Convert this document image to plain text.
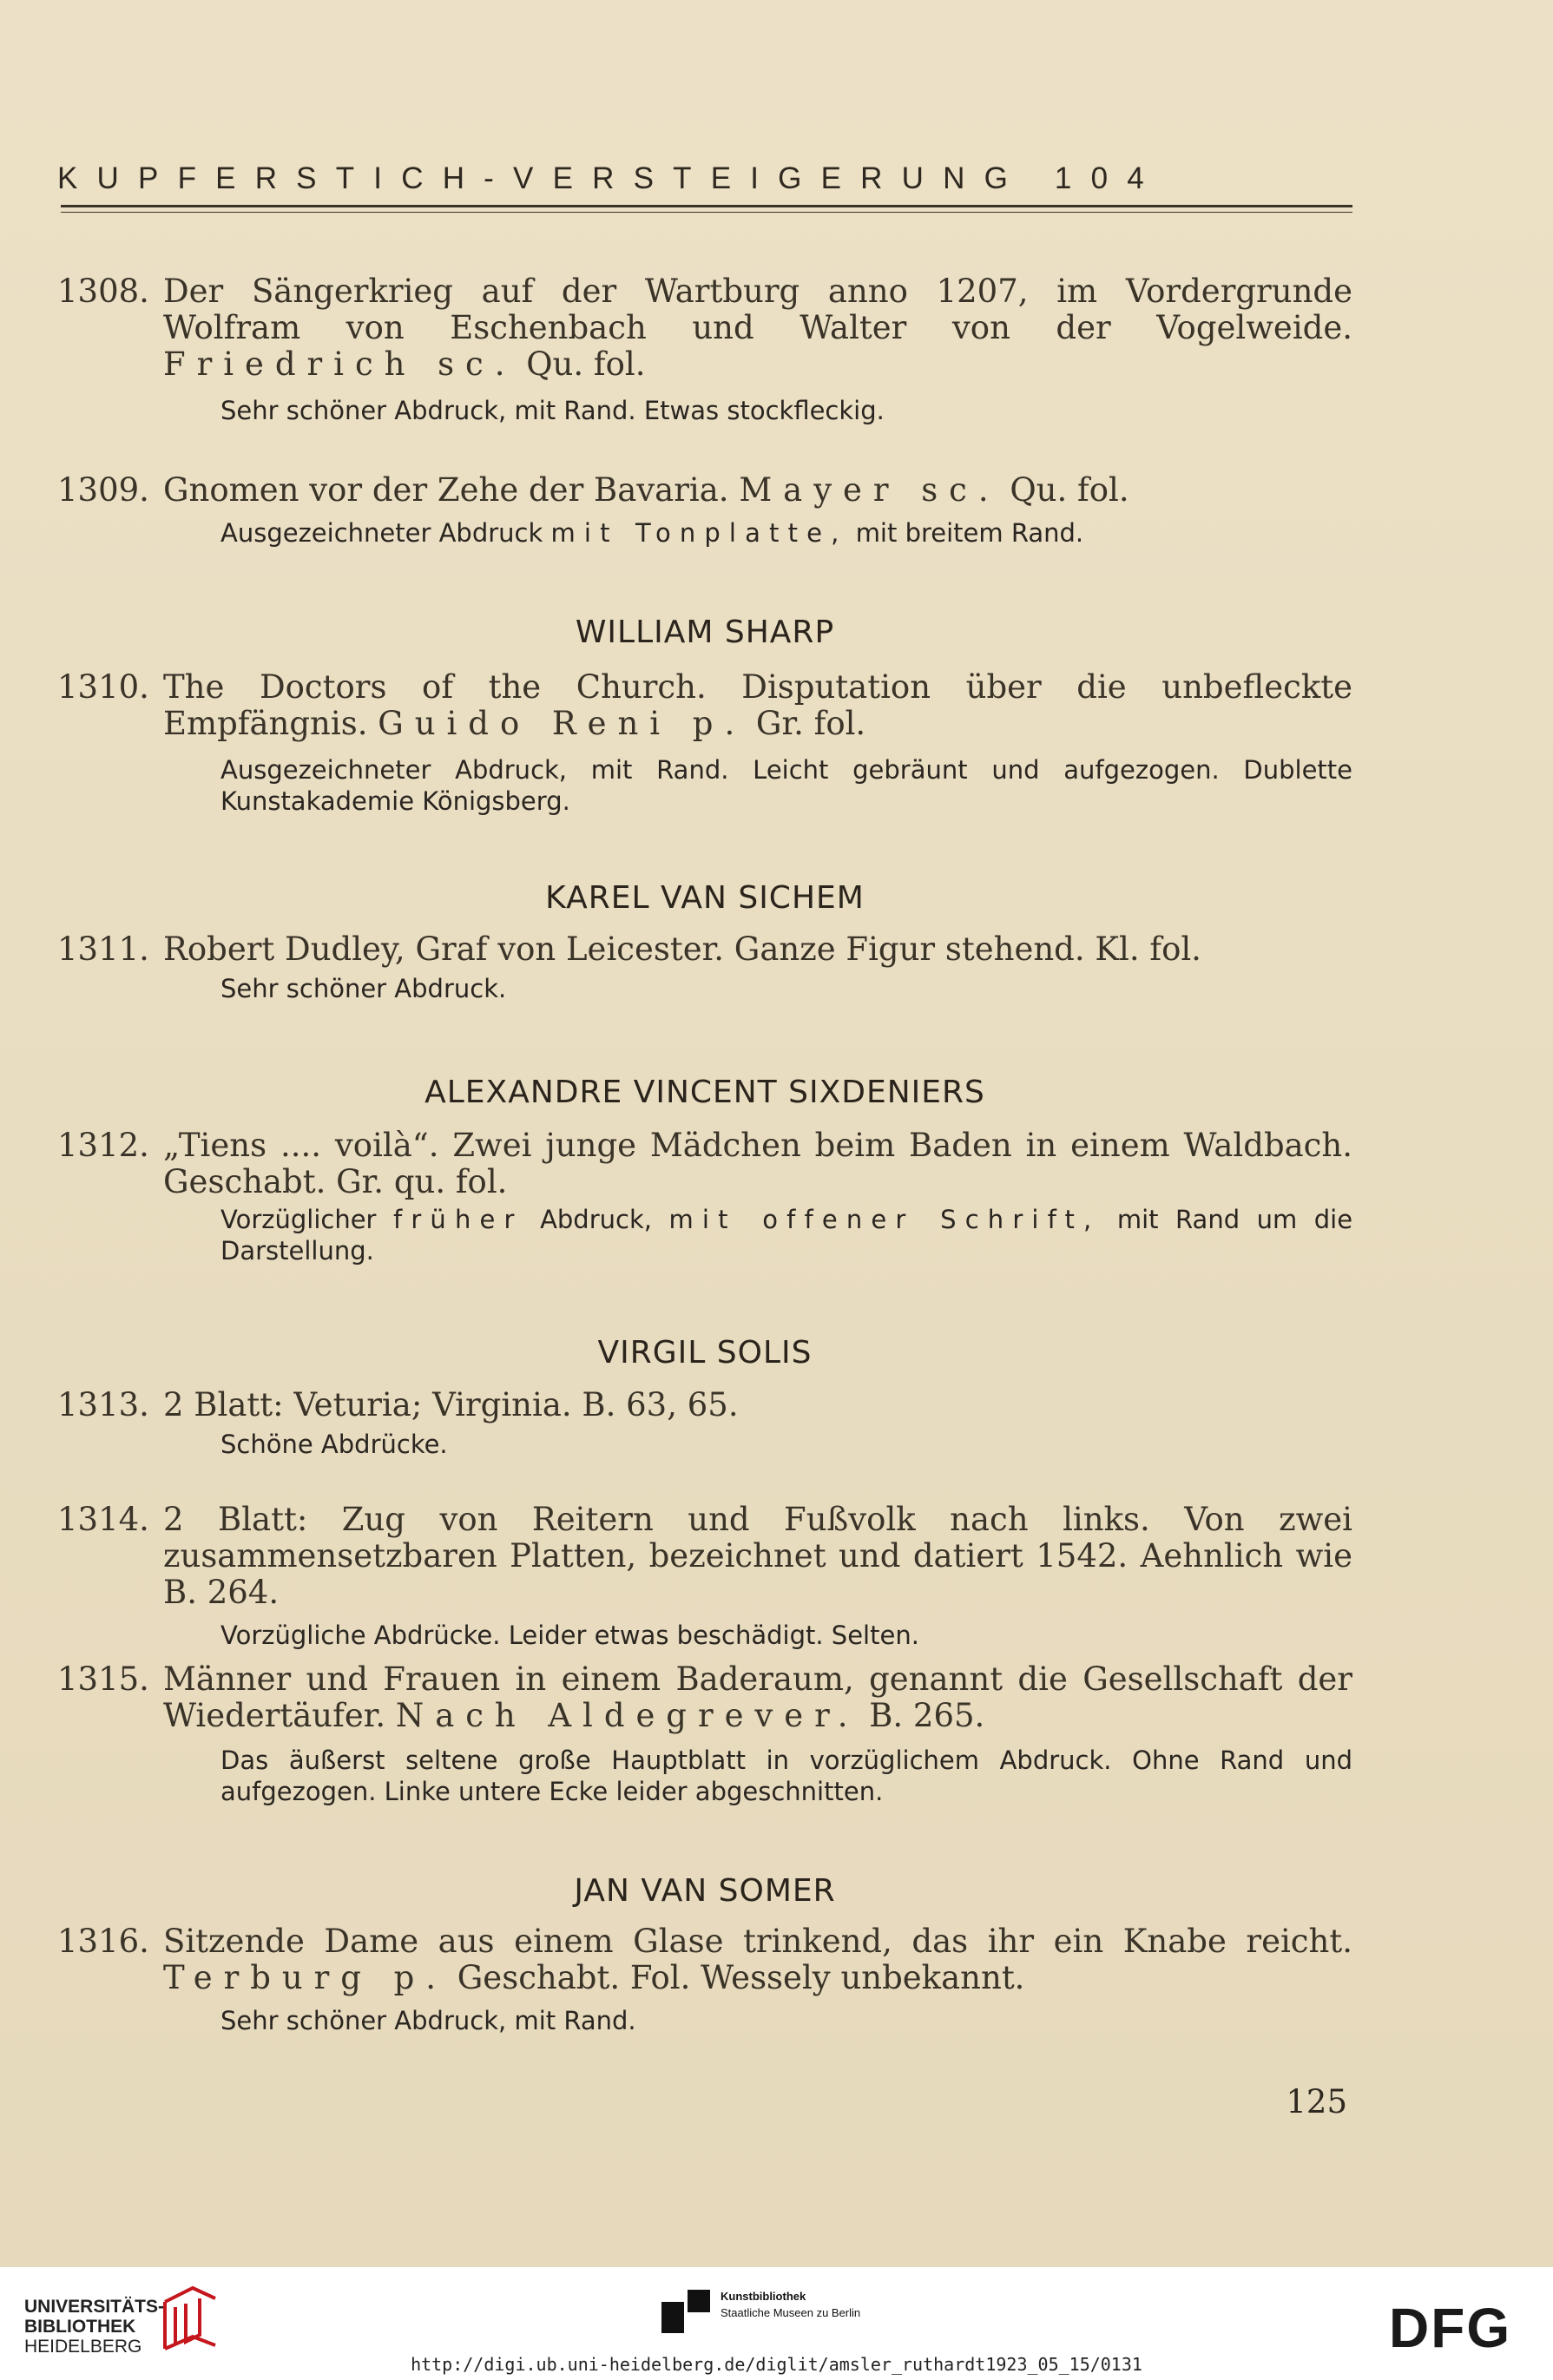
KUPFERSTICH-VERSTEIGERUNG 104
1308. Der Sängerkrieg auf der Wartburg anno 1207, im Vordergrunde Wolfram von Eschenbach und Walter von der Vogelweide. Friedrich sc. Qu. fol.
Sehr schöner Abdruck, mit Rand. Etwas stockfleckig.
1309. Gnomen vor der Zehe der Bavaria. Mayer sc. Qu. fol.
Ausgezeichneter Abdruck mit Tonplatte, mit breitem Rand.
WILLIAM SHARP
1310. The Doctors of the Church. Disputation über die unbefleckte Empfängnis. Guido Reni p. Gr. fol.
Ausgezeichneter Abdruck, mit Rand. Leicht gebräunt und aufgezogen. Dublette Kunstakademie Königsberg.
KAREL VAN SICHEM
1311. Robert Dudley, Graf von Leicester. Ganze Figur stehend. Kl. fol.
Sehr schöner Abdruck.
ALEXANDRE VINCENT SIXDENIERS
1312. „Tiens .... voilà“. Zwei junge Mädchen beim Baden in einem Waldbach. Geschabt. Gr. qu. fol.
Vorzüglicher früher Abdruck, mit offener Schrift, mit Rand um die Darstellung.
VIRGIL SOLIS
1313. 2 Blatt: Veturia; Virginia. B. 63, 65.
Schöne Abdrücke.
1314. 2 Blatt: Zug von Reitern und Fußvolk nach links. Von zwei zusammensetzbaren Platten, bezeichnet und datiert 1542. Aehnlich wie B. 264.
Vorzügliche Abdrücke. Leider etwas beschädigt. Selten.
1315. Männer und Frauen in einem Baderaum, genannt die Gesellschaft der Wiedertäufer. Nach Aldegrever. B. 265.
Das äußerst seltene große Hauptblatt in vorzüglichem Abdruck. Ohne Rand und aufgezogen. Linke untere Ecke leider abgeschnitten.
JAN VAN SOMER
1316. Sitzende Dame aus einem Glase trinkend, das ihr ein Knabe reicht. Terburg p. Geschabt. Fol. Wessely unbekannt.
Sehr schöner Abdruck, mit Rand.
125
UNIVERSITÄTS-
BIBLIOTHEK
HEIDELBERG
Kunstbibliothek
Staatliche Museen zu Berlin	DFG
http://digi.ub.uni-heidelberg.de/diglit/amsler_ruthardt1923_05_15/0131
